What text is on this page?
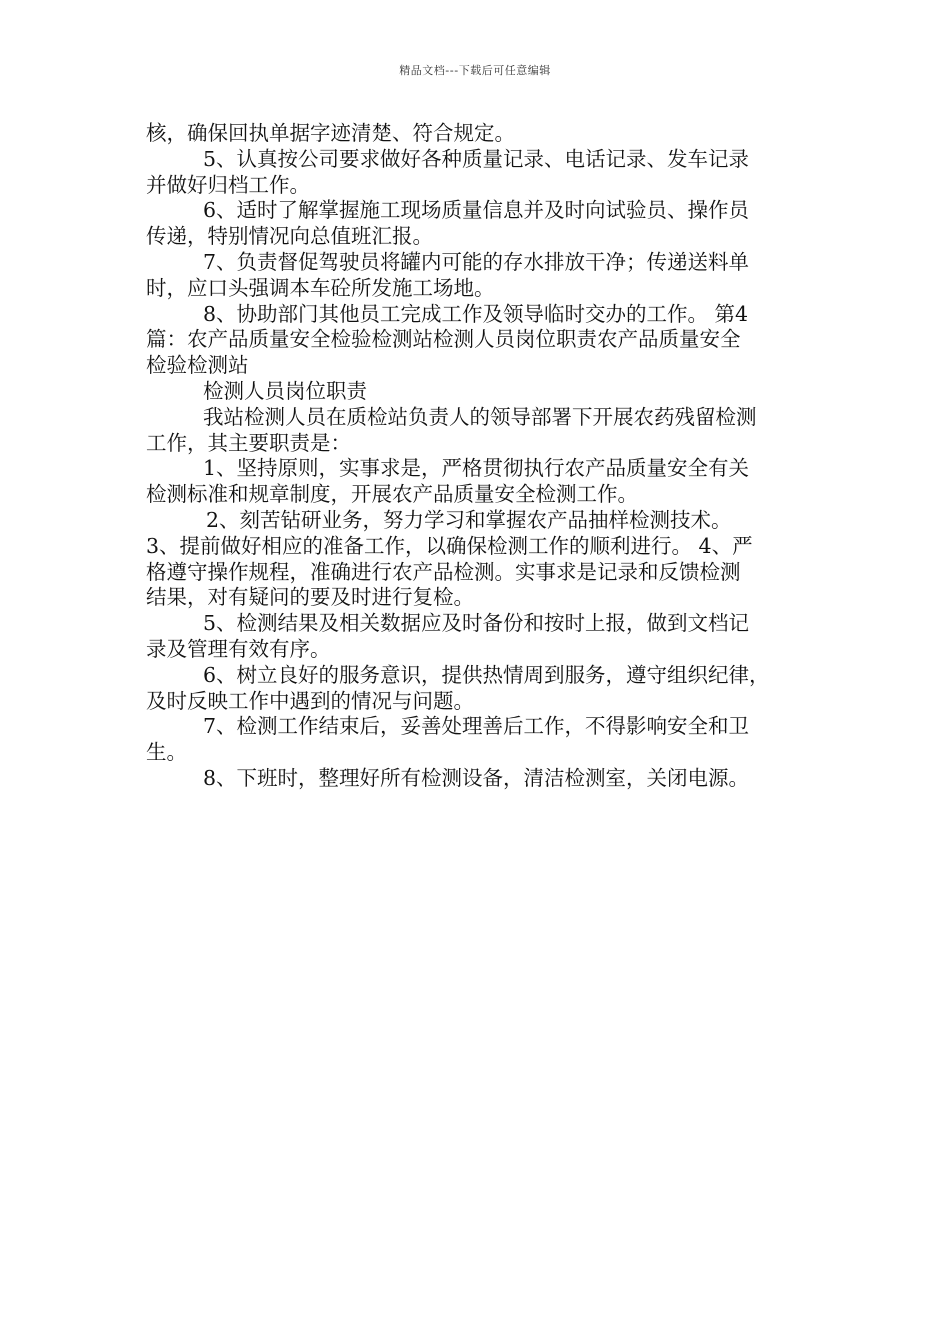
精品文档---下载后可任意编辑
核，确保回执单据字迹清楚、符合规定。
5、认真按公司要求做好各种质量记录、电话记录、发车记录
并做好归档工作。
6、适时了解掌握施工现场质量信息并及时向试验员、操作员
传递，特别情况向总值班汇报。
7、负责督促驾驶员将罐内可能的存水排放干净；传递送料单
时，应口头强调本车砼所发施工场地。
8、协助部门其他员工完成工作及领导临时交办的工作。 第4
篇：农产品质量安全检验检测站检测人员岗位职责农产品质量安全
检验检测站
检测人员岗位职责
我站检测人员在质检站负责人的领导部署下开展农药残留检测
工作，其主要职责是：
1、坚持原则，实事求是，严格贯彻执行农产品质量安全有关
检测标准和规章制度，开展农产品质量安全检测工作。
2、刻苦钻研业务，努力学习和掌握农产品抽样检测技术。
3、提前做好相应的准备工作，以确保检测工作的顺利进行。 4、严
格遵守操作规程，准确进行农产品检测。实事求是记录和反馈检测
结果，对有疑问的要及时进行复检。
5、检测结果及相关数据应及时备份和按时上报，做到文档记
录及管理有效有序。
6、树立良好的服务意识，提供热情周到服务，遵守组织纪律，
及时反映工作中遇到的情况与问题。
7、检测工作结束后，妥善处理善后工作，不得影响安全和卫
生。
8、下班时，整理好所有检测设备，清洁检测室，关闭电源。
